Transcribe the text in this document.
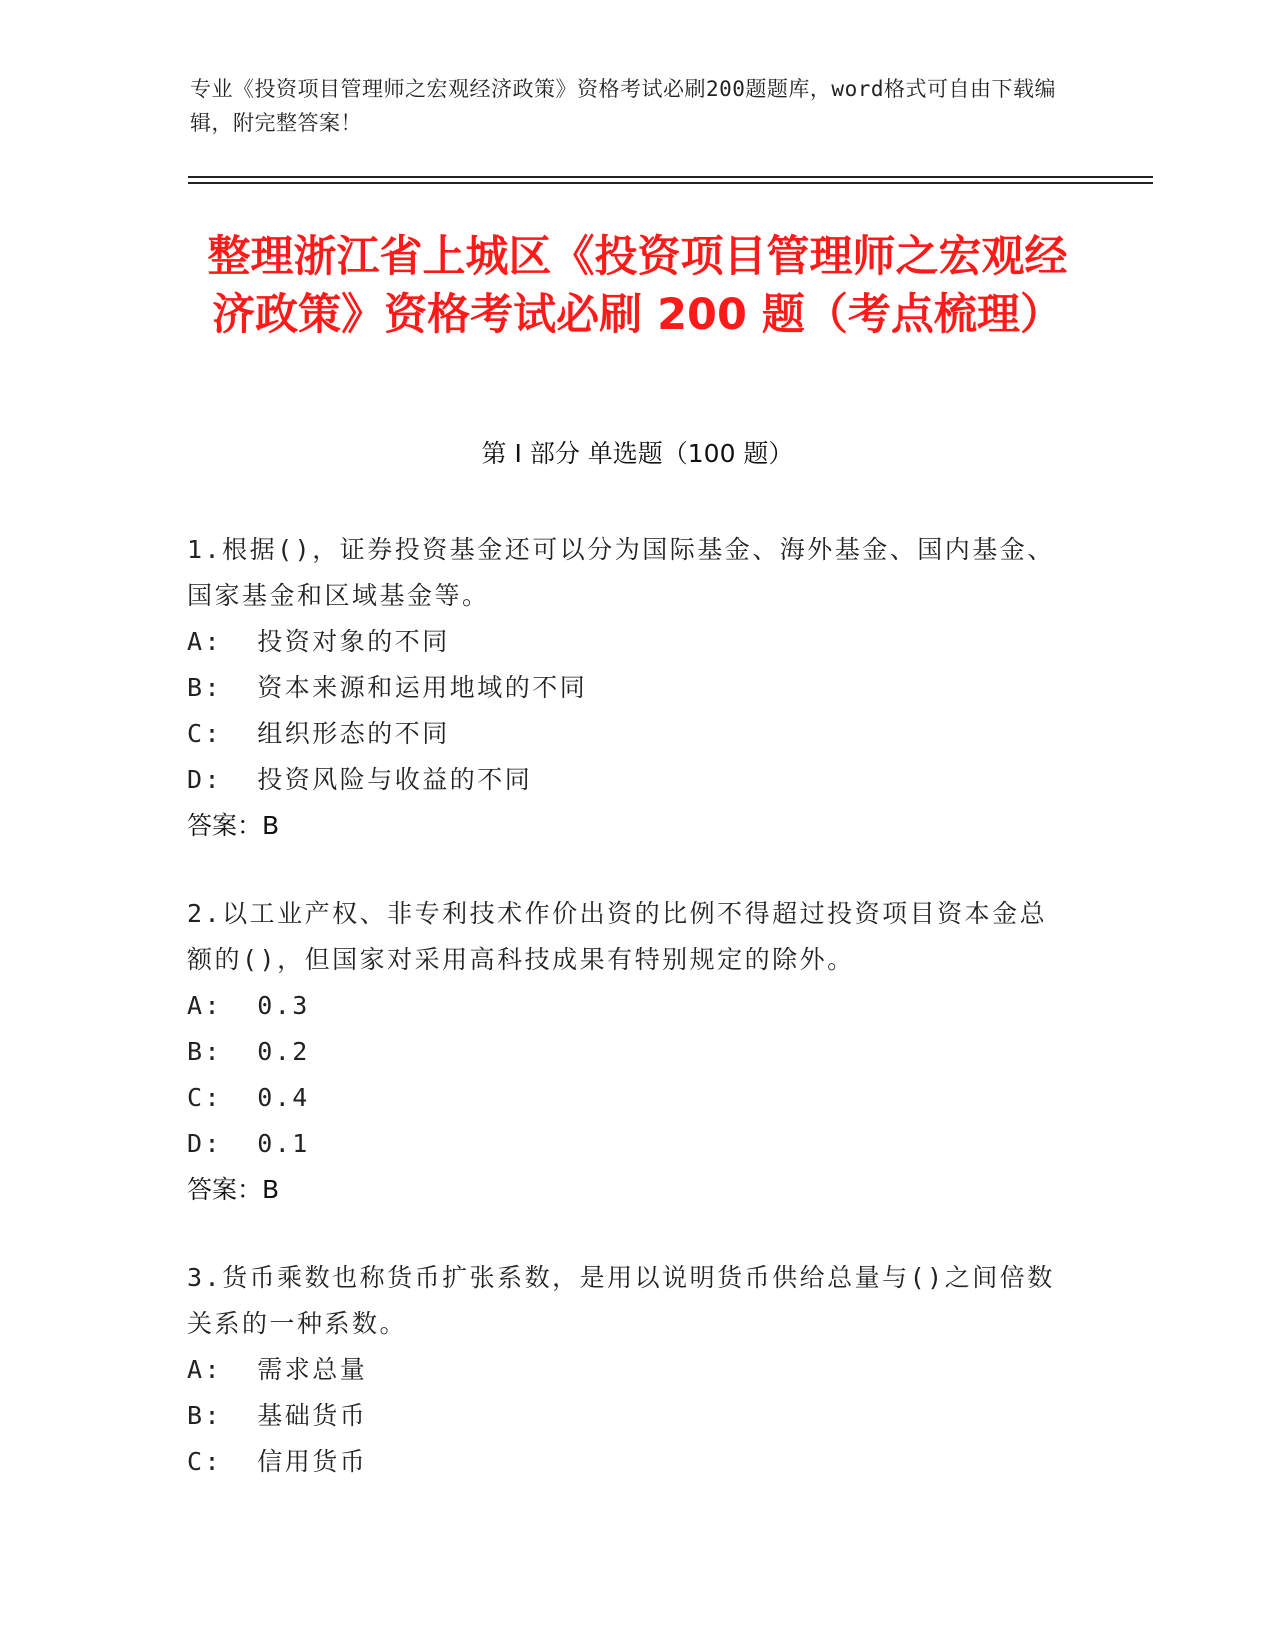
专业《投资项目管理师之宏观经济政策》资格考试必刷200题题库，word格式可自由下载编辑，附完整答案！
整理浙江省上城区《投资项目管理师之宏观经济政策》资格考试必刷 200 题（考点梳理）
第 I 部分 单选题（100 题）
1.根据()，证券投资基金还可以分为国际基金、海外基金、国内基金、国家基金和区域基金等。
A:  投资对象的不同
B:  资本来源和运用地域的不同
C:  组织形态的不同
D:  投资风险与收益的不同
答案：B
2.以工业产权、非专利技术作价出资的比例不得超过投资项目资本金总额的()，但国家对采用高科技成果有特别规定的除外。
A:  0.3
B:  0.2
C:  0.4
D:  0.1
答案：B
3.货币乘数也称货币扩张系数，是用以说明货币供给总量与()之间倍数关系的一种系数。
A:  需求总量
B:  基础货币
C:  信用货币
